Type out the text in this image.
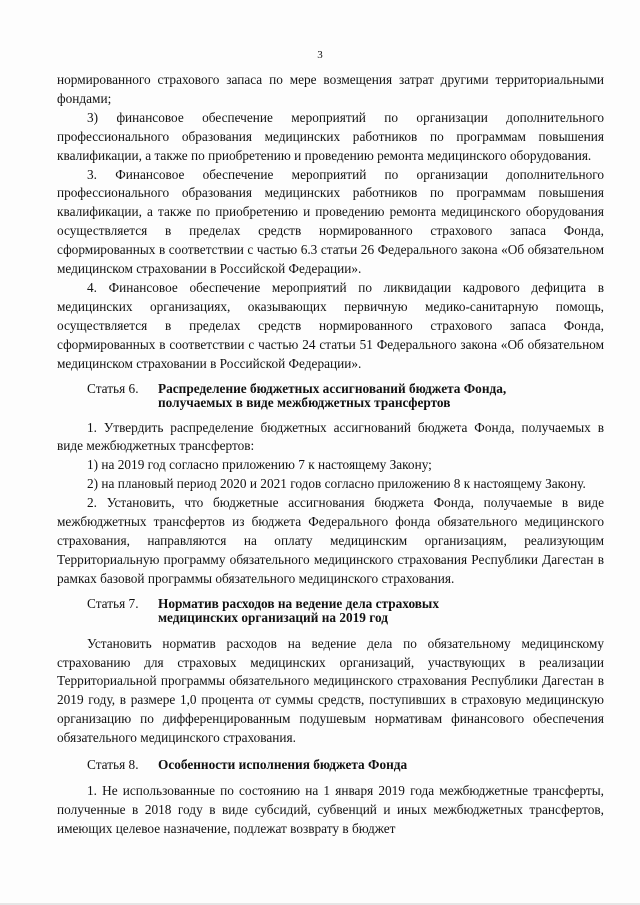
3

нормированного страхового запаса по мере возмещения затрат другими территориальными фондами;

3) финансовое обеспечение мероприятий по организации дополнительного профессионального образования медицинских работников по программам повышения квалификации, а также по приобретению и проведению ремонта медицинского оборудования.

3. Финансовое обеспечение мероприятий по организации дополнительного профессионального образования медицинских работников по программам повышения квалификации, а также по приобретению и проведению ремонта медицинского оборудования осуществляется в пределах средств нормированного страхового запаса Фонда, сформированных в соответствии с частью 6.3 статьи 26 Федерального закона «Об обязательном медицинском страховании в Российской Федерации».

4. Финансовое обеспечение мероприятий по ликвидации кадрового дефицита в медицинских организациях, оказывающих первичную медико-санитарную помощь, осуществляется в пределах средств нормированного страхового запаса Фонда, сформированных в соответствии с частью 24 статьи 51 Федерального закона «Об обязательном медицинском страховании в Российской Федерации».

Статья 6. Распределение бюджетных ассигнований бюджета Фонда,
получаемых в виде межбюджетных трансфертов

1. Утвердить распределение бюджетных ассигнований бюджета Фонда, получаемых в виде межбюджетных трансфертов:

1) на 2019 год согласно приложению 7 к настоящему Закону;

2) на плановый период 2020 и 2021 годов согласно приложению 8 к настоящему Закону.

2. Установить, что бюджетные ассигнования бюджета Фонда, получаемые в виде межбюджетных трансфертов из бюджета Федерального фонда обязательного медицинского страхования, направляются на оплату медицинским организациям, реализующим Территориальную программу обязательного медицинского страхования Республики Дагестан в рамках базовой программы обязательного медицинского страхования.

Статья 7. Норматив расходов на ведение дела страховых
медицинских организаций на 2019 год

Установить норматив расходов на ведение дела по обязательному медицинскому страхованию для страховых медицинских организаций, участвующих в реализации Территориальной программы обязательного медицинского страхования Республики Дагестан в 2019 году, в размере 1,0 процента от суммы средств, поступивших в страховую медицинскую организацию по дифференцированным подушевым нормативам финансового обеспечения обязательного медицинского страхования.

Статья 8. Особенности исполнения бюджета Фонда

1. Не использованные по состоянию на 1 января 2019 года межбюджетные трансферты, полученные в 2018 году в виде субсидий, субвенций и иных межбюджетных трансфертов, имеющих целевое назначение, подлежат возврату в бюджет
